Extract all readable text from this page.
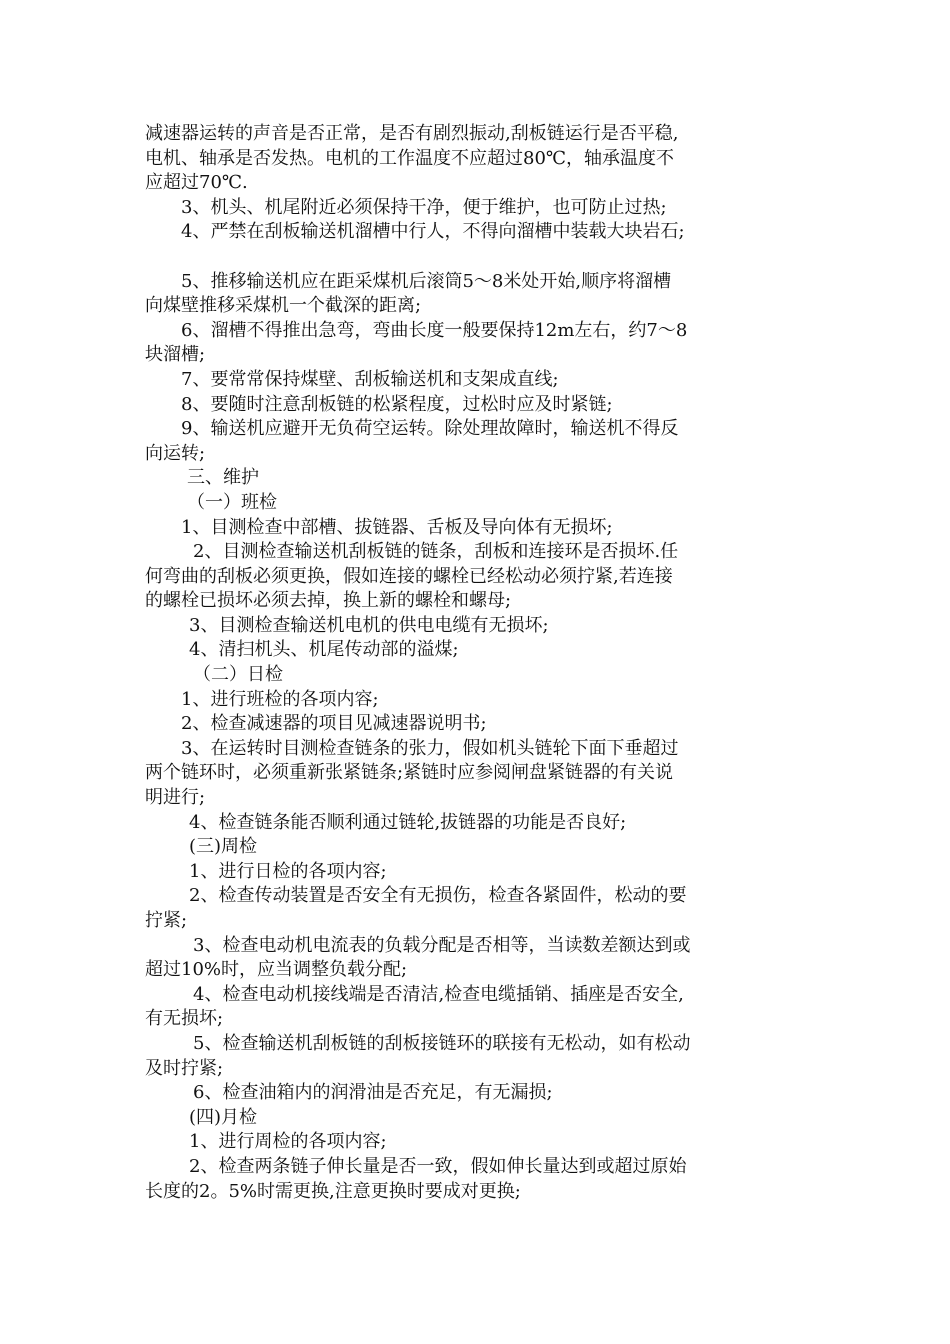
减速器运转的声音是否正常，是否有剧烈振动,刮板链运行是否平稳,
电机、轴承是否发热。电机的工作温度不应超过80℃，轴承温度不
应超过70℃.
3、机头、机尾附近必须保持干净，便于维护，也可防止过热;
4、严禁在刮板输送机溜槽中行人，不得向溜槽中装载大块岩石;
5、推移输送机应在距采煤机后滚筒5～8米处开始,顺序将溜槽
向煤壁推移采煤机一个截深的距离;
6、溜槽不得推出急弯，弯曲长度一般要保持12m左右，约7～8
块溜槽;
7、要常常保持煤壁、刮板输送机和支架成直线;
8、要随时注意刮板链的松紧程度，过松时应及时紧链;
9、输送机应避开无负荷空运转。除处理故障时，输送机不得反
向运转;
三、维护
（一）班检
1、目测检查中部槽、拔链器、舌板及导向体有无损坏;
2、目测检查输送机刮板链的链条，刮板和连接环是否损坏.任
何弯曲的刮板必须更换，假如连接的螺栓已经松动必须拧紧,若连接
的螺栓已损坏必须去掉，换上新的螺栓和螺母;
3、目测检查输送机电机的供电电缆有无损坏;
4、清扫机头、机尾传动部的溢煤;
（二）日检
1、进行班检的各项内容;
2、检查减速器的项目见减速器说明书;
3、在运转时目测检查链条的张力，假如机头链轮下面下垂超过
两个链环时，必须重新张紧链条;紧链时应参阅闸盘紧链器的有关说
明进行;
4、检查链条能否顺利通过链轮,拔链器的功能是否良好;
(三)周检
1、进行日检的各项内容;
2、检查传动装置是否安全有无损伤，检查各紧固件，松动的要
拧紧;
3、检查电动机电流表的负载分配是否相等，当读数差额达到或
超过10%时，应当调整负载分配;
4、检查电动机接线端是否清洁,检查电缆插销、插座是否安全,
有无损坏;
5、检查输送机刮板链的刮板接链环的联接有无松动，如有松动
及时拧紧;
6、检查油箱内的润滑油是否充足，有无漏损;
(四)月检
1、进行周检的各项内容;
2、检查两条链子伸长量是否一致，假如伸长量达到或超过原始
长度的2。5%时需更换,注意更换时要成对更换;
